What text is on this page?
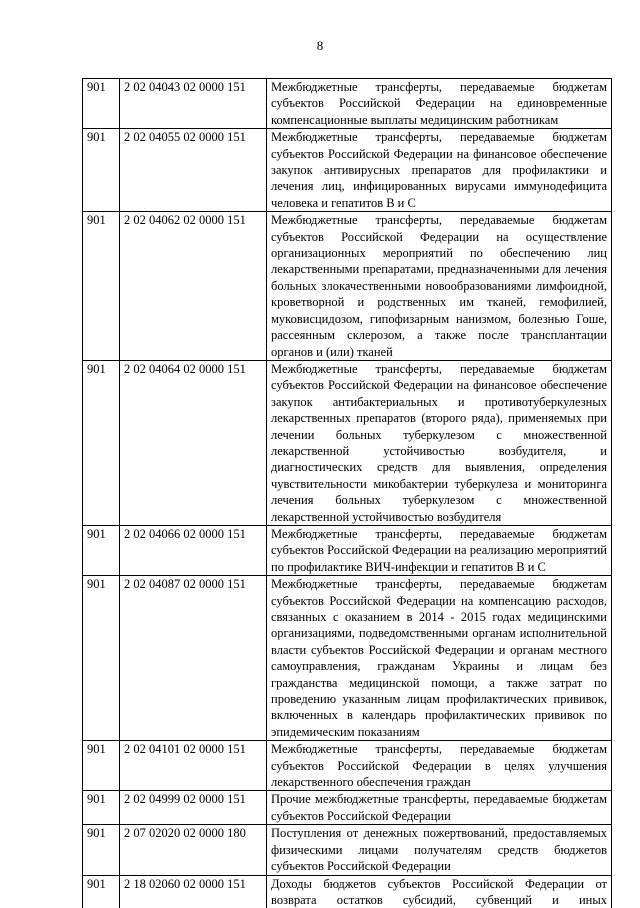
8
901	2 02 04043 02 0000 151	Межбюджетные трансферты, передаваемые бюджетам субъектов Российской Федерации на единовременные компенсационные выплаты медицинским работникам
901	2 02 04055 02 0000 151	Межбюджетные трансферты, передаваемые бюджетам субъектов Российской Федерации на финансовое обеспечение закупок антивирусных препаратов для профилактики и лечения лиц, инфицированных вирусами иммунодефицита человека и гепатитов В и С
901	2 02 04062 02 0000 151	Межбюджетные трансферты, передаваемые бюджетам субъектов Российской Федерации на осуществление организационных мероприятий по обеспечению лиц лекарственными препаратами, предназначенными для лечения больных злокачественными новообразованиями лимфоидной, кроветворной и родственных им тканей, гемофилией, муковисцидозом, гипофизарным нанизмом, болезнью Гоше, рассеянным склерозом, а также после трансплантации органов и (или) тканей
901	2 02 04064 02 0000 151	Межбюджетные трансферты, передаваемые бюджетам субъектов Российской Федерации на финансовое обеспечение закупок антибактериальных и противотуберкулезных лекарственных препаратов (второго ряда), применяемых при лечении больных туберкулезом с множественной лекарственной устойчивостью возбудителя, и диагностических средств для выявления, определения чувствительности микобактерии туберкулеза и мониторинга лечения больных туберкулезом с множественной лекарственной устойчивостью возбудителя
901	2 02 04066 02 0000 151	Межбюджетные трансферты, передаваемые бюджетам субъектов Российской Федерации на реализацию мероприятий по профилактике ВИЧ-инфекции и гепатитов В и С
901	2 02 04087 02 0000 151	Межбюджетные трансферты, передаваемые бюджетам субъектов Российской Федерации на компенсацию расходов, связанных с оказанием в 2014 - 2015 годах медицинскими организациями, подведомственными органам исполнительной власти субъектов Российской Федерации и органам местного самоуправления, гражданам Украины и лицам без гражданства медицинской помощи, а также затрат по проведению указанным лицам профилактических прививок, включенных в календарь профилактических прививок по эпидемическим показаниям
901	2 02 04101 02 0000 151	Межбюджетные трансферты, передаваемые бюджетам субъектов Российской Федерации в целях улучшения лекарственного обеспечения граждан
901	2 02 04999 02 0000 151	Прочие межбюджетные трансферты, передаваемые бюджетам субъектов Российской Федерации
901	2 07 02020 02 0000 180	Поступления от денежных пожертвований, предоставляемых физическими лицами получателям средств бюджетов субъектов Российской Федерации
901	2 18 02060 02 0000 151	Доходы бюджетов субъектов Российской Федерации от возврата остатков субсидий, субвенций и иных
